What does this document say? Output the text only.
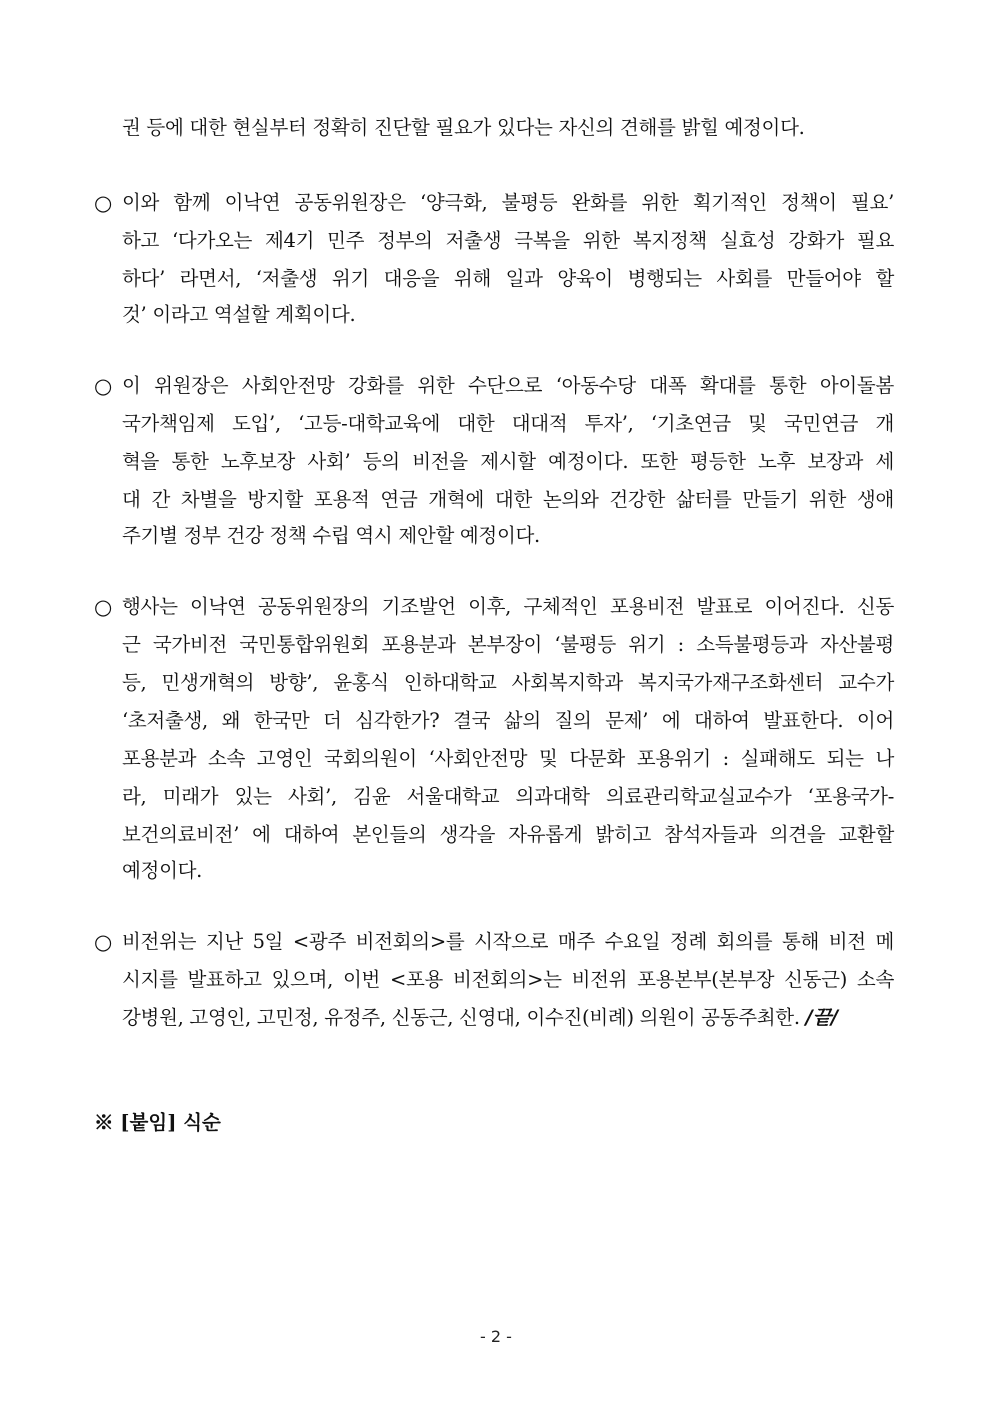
권 등에 대한 현실부터 정확히 진단할 필요가 있다는 자신의 견해를 밝힐 예정이다.
○ 이와 함께 이낙연 공동위원장은 ‘양극화, 불평등 완화를 위한 획기적인 정책이 필요’
하고 ‘다가오는 제4기 민주 정부의 저출생 극복을 위한 복지정책 실효성 강화가 필요
하다’ 라면서, ‘저출생 위기 대응을 위해 일과 양육이 병행되는 사회를 만들어야 할
것’ 이라고 역설할 계획이다.
○ 이 위원장은 사회안전망 강화를 위한 수단으로 ‘아동수당 대폭 확대를 통한 아이돌봄
국가책임제 도입’, ‘고등-대학교육에 대한 대대적 투자’, ‘기초연금 및 국민연금 개
혁을 통한 노후보장 사회’ 등의 비전을 제시할 예정이다. 또한 평등한 노후 보장과 세
대 간 차별을 방지할 포용적 연금 개혁에 대한 논의와 건강한 삶터를 만들기 위한 생애
주기별 정부 건강 정책 수립 역시 제안할 예정이다.
○ 행사는 이낙연 공동위원장의 기조발언 이후, 구체적인 포용비전 발표로 이어진다. 신동
근 국가비전 국민통합위원회 포용분과 본부장이 ‘불평등 위기 : 소득불평등과 자산불평
등, 민생개혁의 방향’, 윤홍식 인하대학교 사회복지학과 복지국가재구조화센터 교수가
‘초저출생, 왜 한국만 더 심각한가? 결국 삶의 질의 문제’ 에 대하여 발표한다. 이어
포용분과 소속 고영인 국회의원이 ‘사회안전망 및 다문화 포용위기 : 실패해도 되는 나
라, 미래가 있는 사회’, 김윤 서울대학교 의과대학 의료관리학교실교수가 ‘포용국가-
보건의료비전’ 에 대하여 본인들의 생각을 자유롭게 밝히고 참석자들과 의견을 교환할
예정이다.
○ 비전위는 지난 5일 <광주 비전회의>를 시작으로 매주 수요일 정례 회의를 통해 비전 메
시지를 발표하고 있으며, 이번 <포용 비전회의>는 비전위 포용본부(본부장 신동근) 소속
강병원, 고영인, 고민정, 유정주, 신동근, 신영대, 이수진(비례) 의원이 공동주최한. /끝/
※ [붙임] 식순
- 2 -
